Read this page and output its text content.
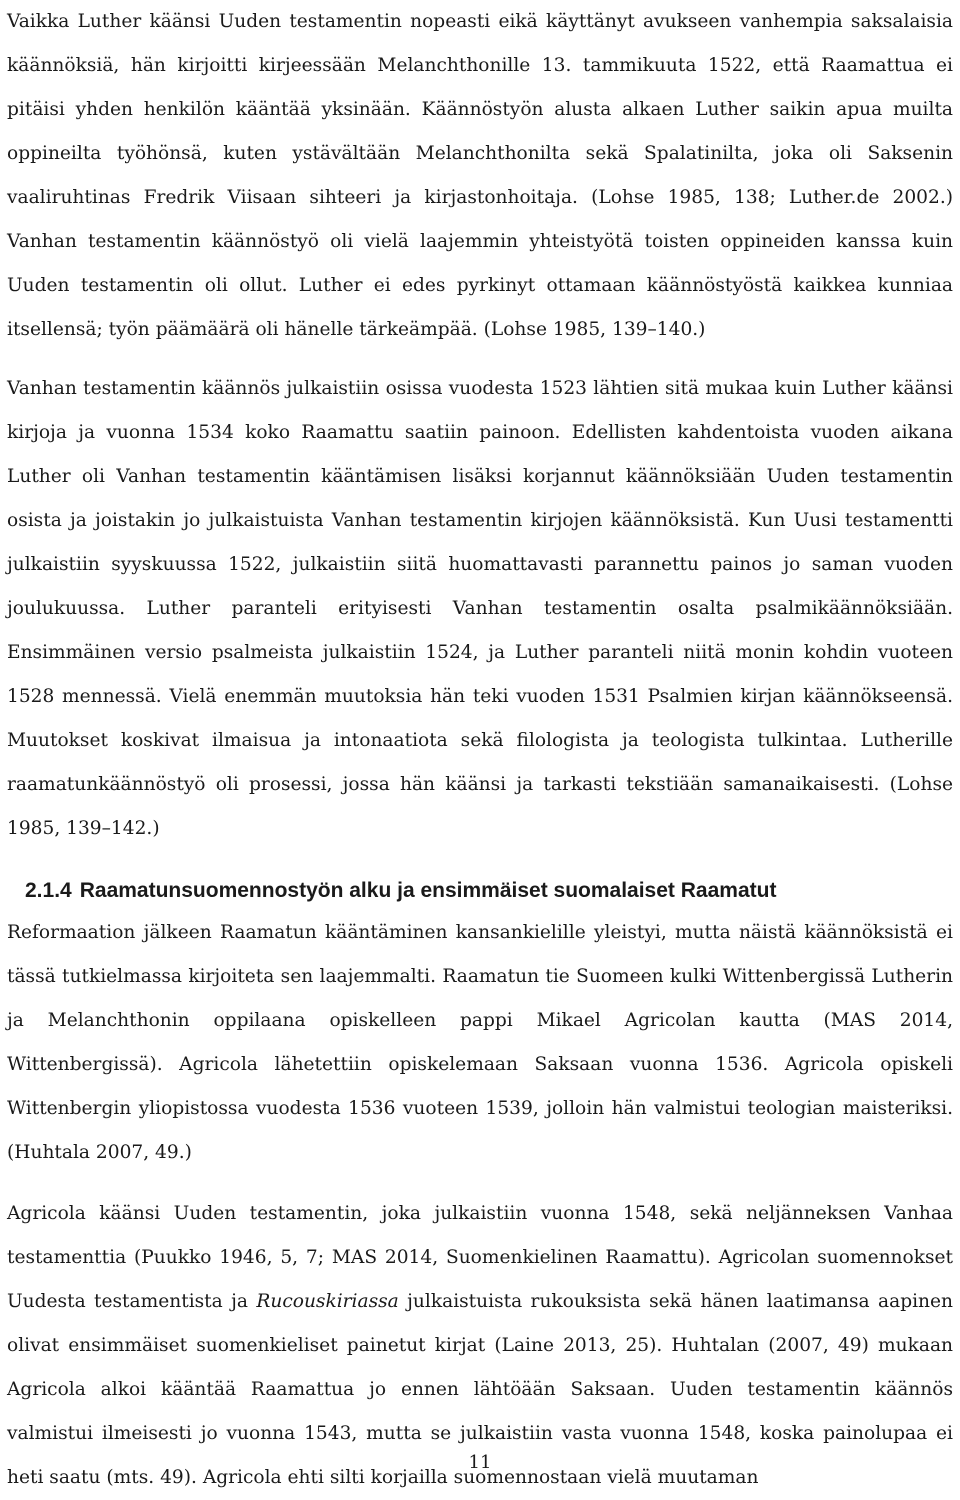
Vaikka Luther käänsi Uuden testamentin nopeasti eikä käyttänyt avukseen vanhempia saksalaisia käännöksiä, hän kirjoitti kirjeessään Melanchthonille 13. tammikuuta 1522, että Raamattua ei pitäisi yhden henkilön kääntää yksinään. Käännöstyön alusta alkaen Luther saikin apua muilta oppineilta työhönsä, kuten ystävältään Melanchthonilta sekä Spalatinilta, joka oli Saksenin vaaliruhtinas Fredrik Viisaan sihteeri ja kirjastonhoitaja. (Lohse 1985, 138; Luther.de 2002.) Vanhan testamentin käännöstyö oli vielä laajemmin yhteistyötä toisten oppineiden kanssa kuin Uuden testamentin oli ollut. Luther ei edes pyrkinyt ottamaan käännöstyöstä kaikkea kunniaa itsellensä; työn päämäärä oli hänelle tärkeämpää. (Lohse 1985, 139–140.)

Vanhan testamentin käännös julkaistiin osissa vuodesta 1523 lähtien sitä mukaa kuin Luther käänsi kirjoja ja vuonna 1534 koko Raamattu saatiin painoon. Edellisten kahdentoista vuoden aikana Luther oli Vanhan testamentin kääntämisen lisäksi korjannut käännöksiään Uuden testamentin osista ja joistakin jo julkaistuista Vanhan testamentin kirjojen käännöksistä. Kun Uusi testamentti julkaistiin syyskuussa 1522, julkaistiin siitä huomattavasti parannettu painos jo saman vuoden joulukuussa. Luther paranteli erityisesti Vanhan testamentin osalta psalmikäännöksiään. Ensimmäinen versio psalmeista julkaistiin 1524, ja Luther paranteli niitä monin kohdin vuoteen 1528 mennessä. Vielä enemmän muutoksia hän teki vuoden 1531 Psalmien kirjan käännökseensä. Muutokset koskivat ilmaisua ja intonaatiota sekä filologista ja teologista tulkintaa. Lutherille raamatunkäännöstyö oli prosessi, jossa hän käänsi ja tarkasti tekstiään samanaikaisesti. (Lohse 1985, 139–142.)

2.1.4 Raamatunsuomennostyön alku ja ensimmäiset suomalaiset Raamatut

Reformaation jälkeen Raamatun kääntäminen kansankielille yleistyi, mutta näistä käännöksistä ei tässä tutkielmassa kirjoiteta sen laajemmalti. Raamatun tie Suomeen kulki Wittenbergissä Lutherin ja Melanchthonin oppilaana opiskelleen pappi Mikael Agricolan kautta (MAS 2014, Wittenbergissä). Agricola lähetettiin opiskelemaan Saksaan vuonna 1536. Agricola opiskeli Wittenbergin yliopistossa vuodesta 1536 vuoteen 1539, jolloin hän valmistui teologian maisteriksi. (Huhtala 2007, 49.)

Agricola käänsi Uuden testamentin, joka julkaistiin vuonna 1548, sekä neljänneksen Vanhaa testamenttia (Puukko 1946, 5, 7; MAS 2014, Suomenkielinen Raamattu). Agricolan suomennokset Uudesta testamentista ja Rucouskiriassa julkaistuista rukouksista sekä hänen laatimansa aapinen olivat ensimmäiset suomenkieliset painetut kirjat (Laine 2013, 25). Huhtalan (2007, 49) mukaan Agricola alkoi kääntää Raamattua jo ennen lähtöään Saksaan. Uuden testamentin käännös valmistui ilmeisesti jo vuonna 1543, mutta se julkaistiin vasta vuonna 1548, koska painolupaa ei heti saatu (mts. 49). Agricola ehti silti korjailla suomennostaan vielä muutaman

11
